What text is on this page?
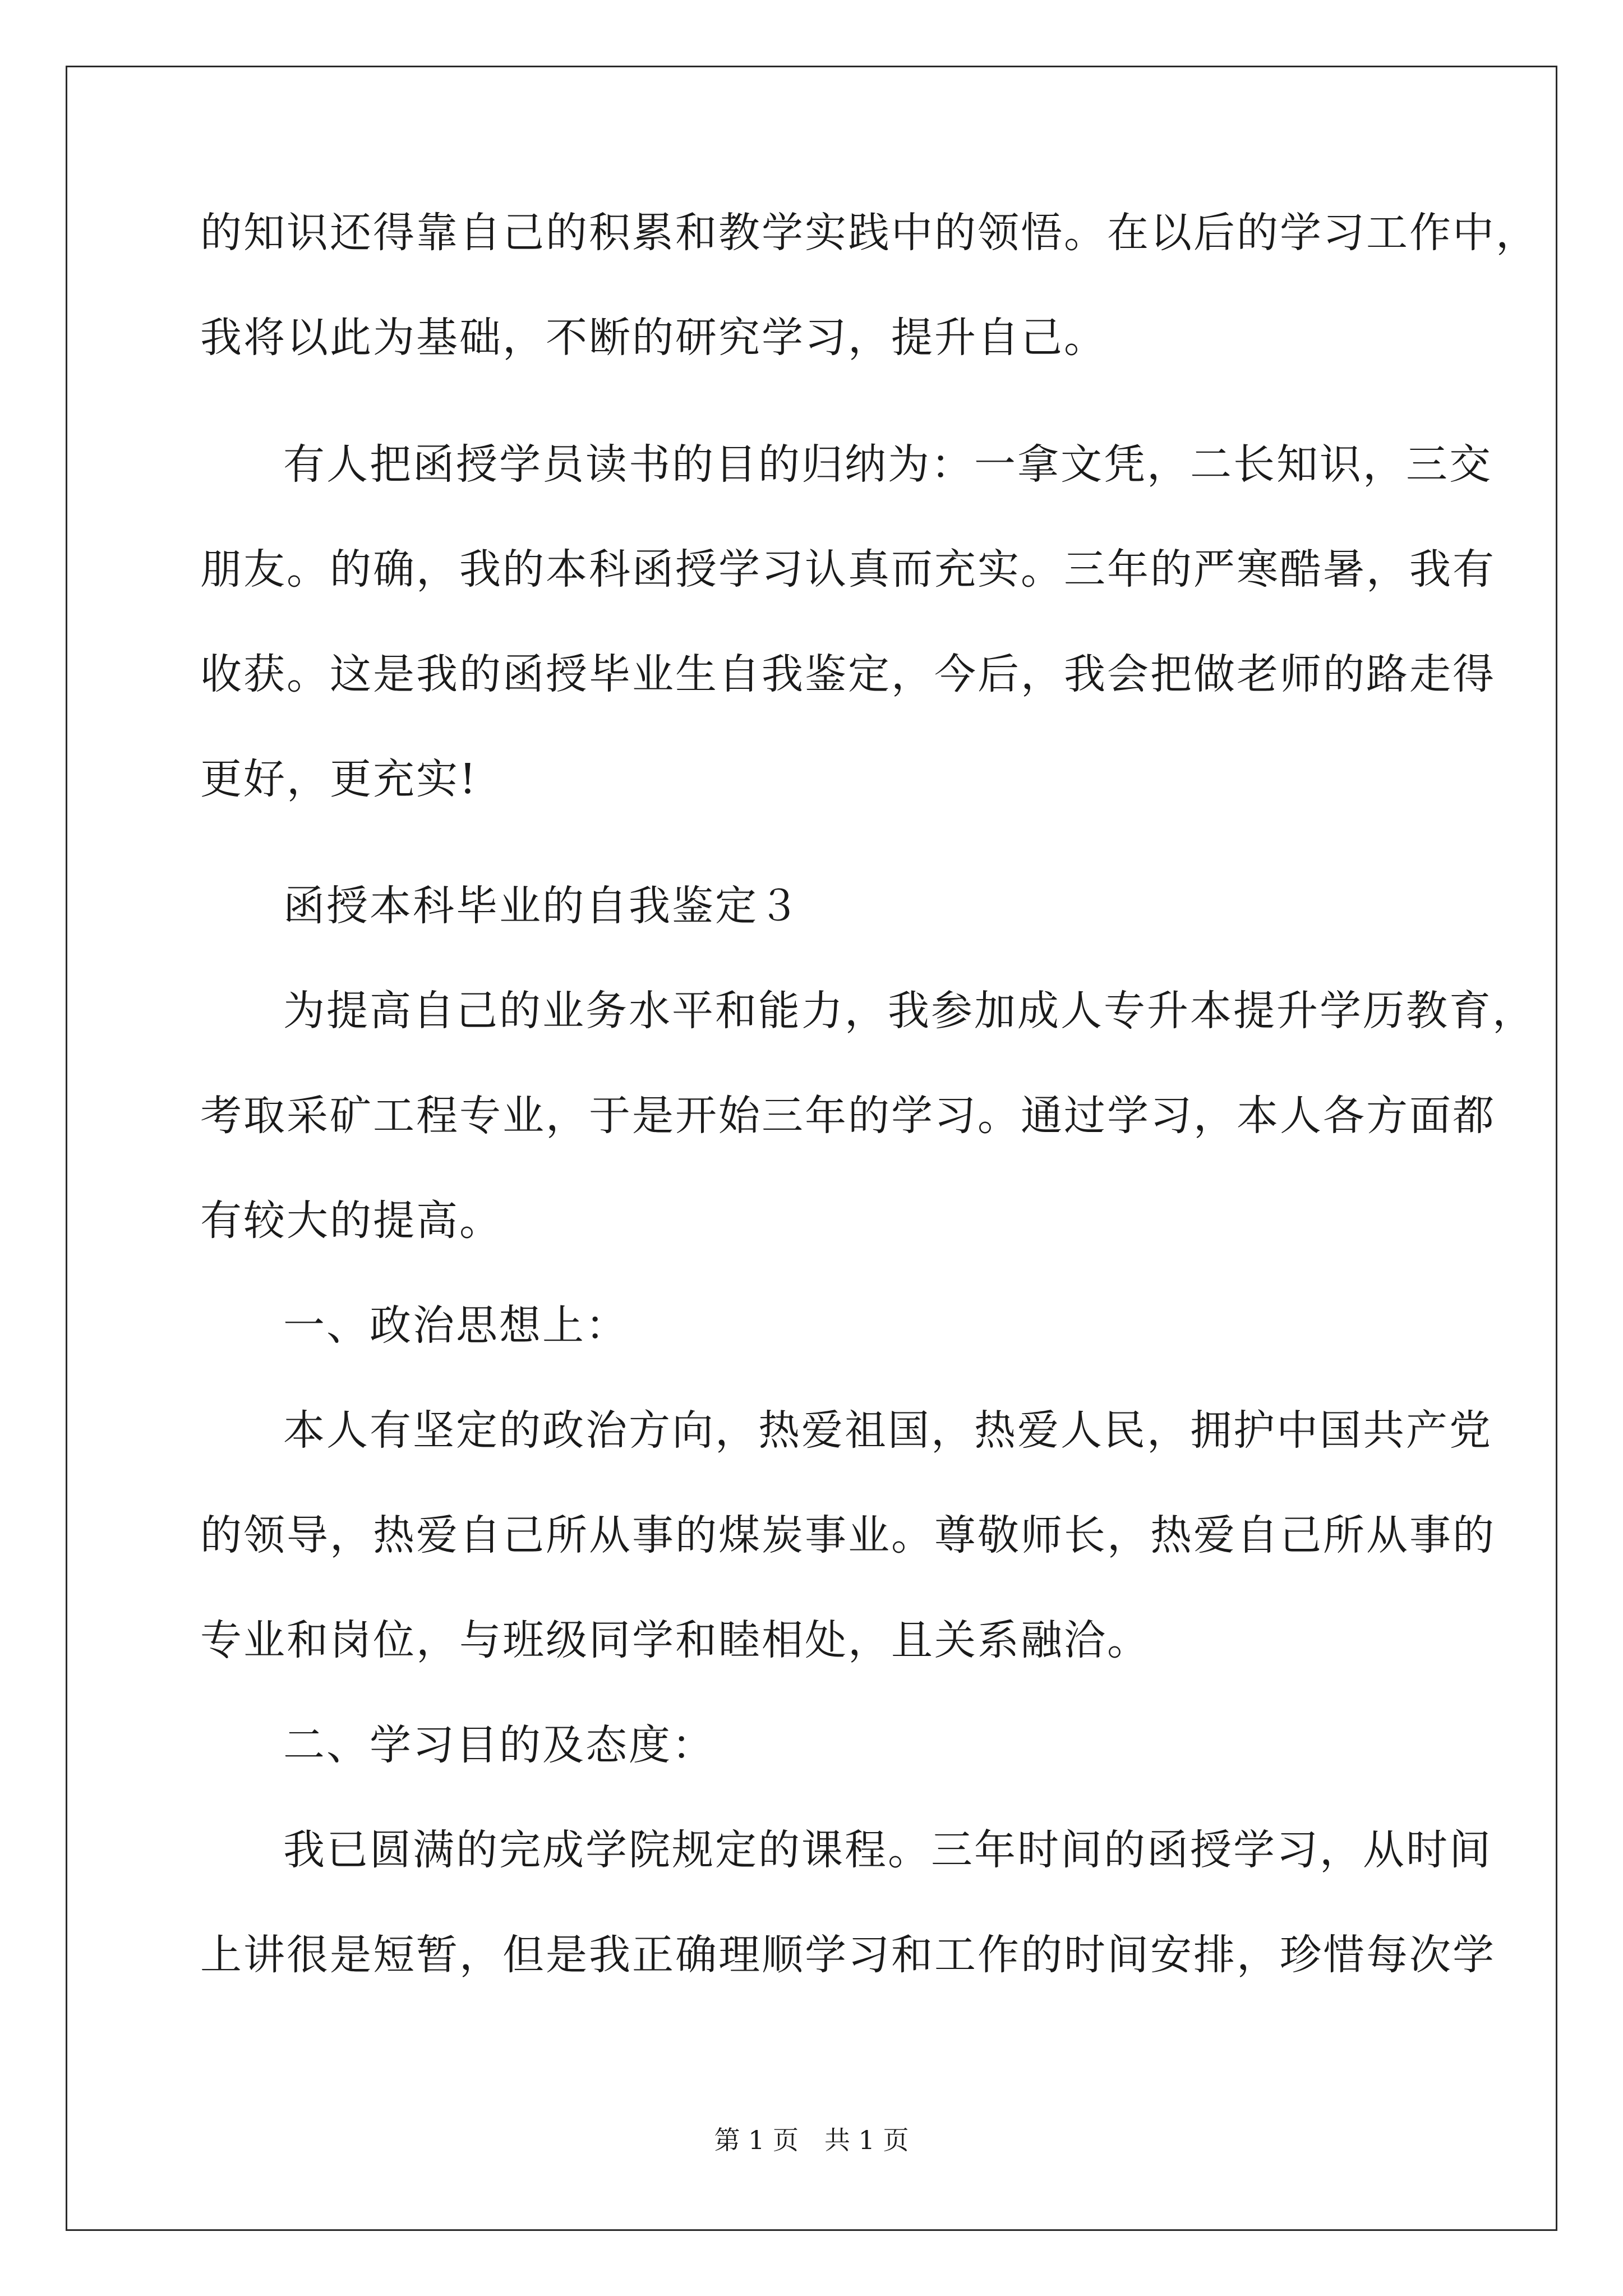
的知识还得靠自己的积累和教学实践中的领悟。在以后的学习工作中，
我将以此为基础，不断的研究学习，提升自己。
有人把函授学员读书的目的归纳为：一拿文凭，二长知识，三交
朋友。的确，我的本科函授学习认真而充实。三年的严寒酷暑，我有
收获。这是我的函授毕业生自我鉴定，今后，我会把做老师的路走得
更好，更充实!
函授本科毕业的自我鉴定３
为提高自己的业务水平和能力，我参加成人专升本提升学历教育，
考取采矿工程专业，于是开始三年的学习。通过学习，本人各方面都
有较大的提高。
一、政治思想上：
本人有坚定的政治方向，热爱祖国，热爱人民，拥护中国共产党
的领导，热爱自己所从事的煤炭事业。尊敬师长，热爱自己所从事的
专业和岗位，与班级同学和睦相处，且关系融洽。
二、学习目的及态度：
我已圆满的完成学院规定的课程。三年时间的函授学习，从时间
上讲很是短暂，但是我正确理顺学习和工作的时间安排，珍惜每次学
第 1 页　共 1 页
